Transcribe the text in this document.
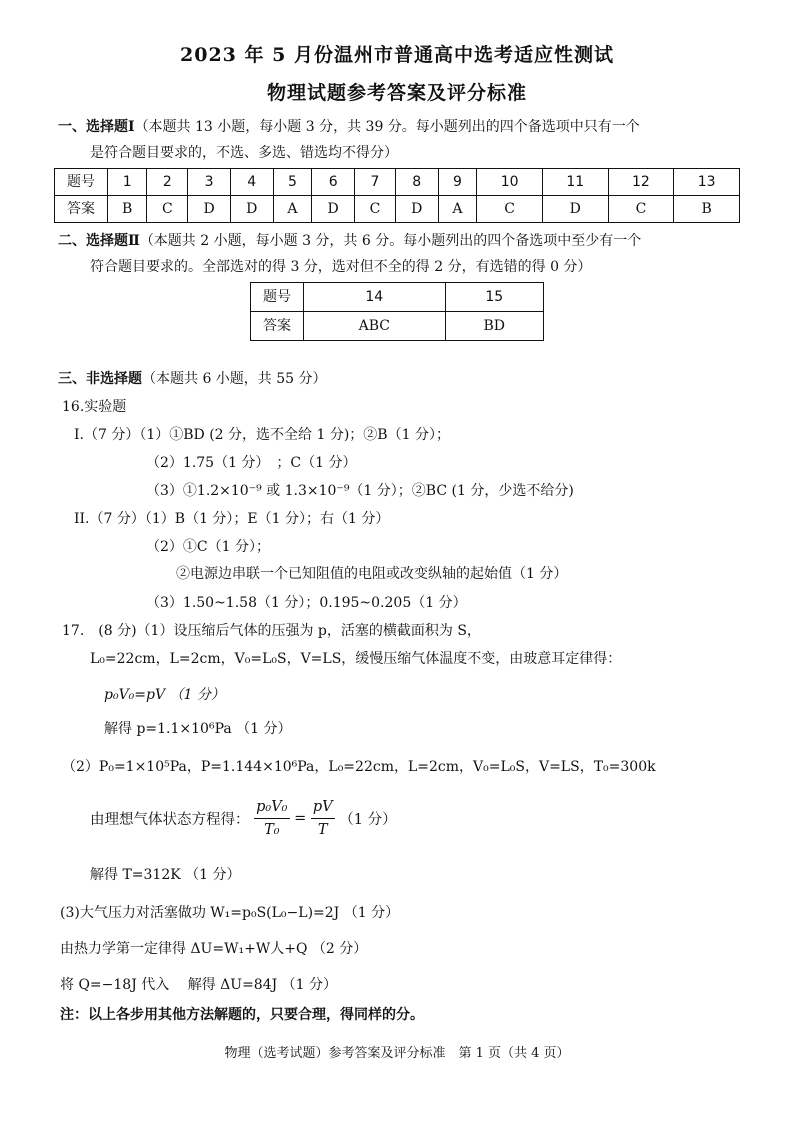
2023 年 5 月份温州市普通高中选考适应性测试
物理试题参考答案及评分标准
一、选择题Ⅰ（本题共 13 小题，每小题 3 分，共 39 分。每小题列出的四个备选项中只有一个
是符合题目要求的，不选、多选、错选均不得分）
题号	1	2	3	4	5	6	7	8	9	10	11	12	13
答案	B	C	D	D	A	D	C	D	A	C	D	C	B
二、选择题Ⅱ（本题共 2 小题，每小题 3 分，共 6 分。每小题列出的四个备选项中至少有一个
符合题目要求的。全部选对的得 3 分，选对但不全的得 2 分，有选错的得 0 分）
题号	14	15
答案	ABC	BD
三、非选择题（本题共 6 小题，共 55 分）
16.实验题
I.（7 分）（1）①BD (2 分，选不全给 1 分)；②B（1 分）；
（2）1.75（1 分）　；C（1 分）
（3）①1.2×10⁻⁹ 或 1.3×10⁻⁹（1 分）；②BC (1 分，少选不给分)
II.（7 分）（1）B（1 分）；E（1 分）；右（1 分）
（2）①C（1 分）；
②电源边串联一个已知阻值的电阻或改变纵轴的起始值（1 分）
（3）1.50~1.58（1 分）；0.195~0.205（1 分）
17.　(8 分)（1）设压缩后气体的压强为 p，活塞的横截面积为 S，
L₀=22cm，L=2cm，V₀=L₀S，V=LS，缓慢压缩气体温度不变，由玻意耳定律得：
p₀V₀=pV （1 分）
解得 p=1.1×10⁶Pa （1 分）
（2）P₀=1×10⁵Pa，P=1.144×10⁶Pa，L₀=22cm，L=2cm，V₀=L₀S，V=LS，T₀=300k
由理想气体状态方程得： $\frac{\text{p₀V₀}}{\text{T₀}} = \frac{pV}{T} (1$ 分）
解得 T=312K （1 分）
(3)大气压力对活塞做功 W₁=p₀S(L₀−L)=2J （1 分）
由热力学第一定律得 ΔU=W₁+W人+Q （2 分）
将 Q=−18J 代入　 解得 ΔU=84J （1 分）
注：以上各步用其他方法解题的，只要合理，得同样的分。
物理（选考试题）参考答案及评分标准　第 1 页（共 4 页）
